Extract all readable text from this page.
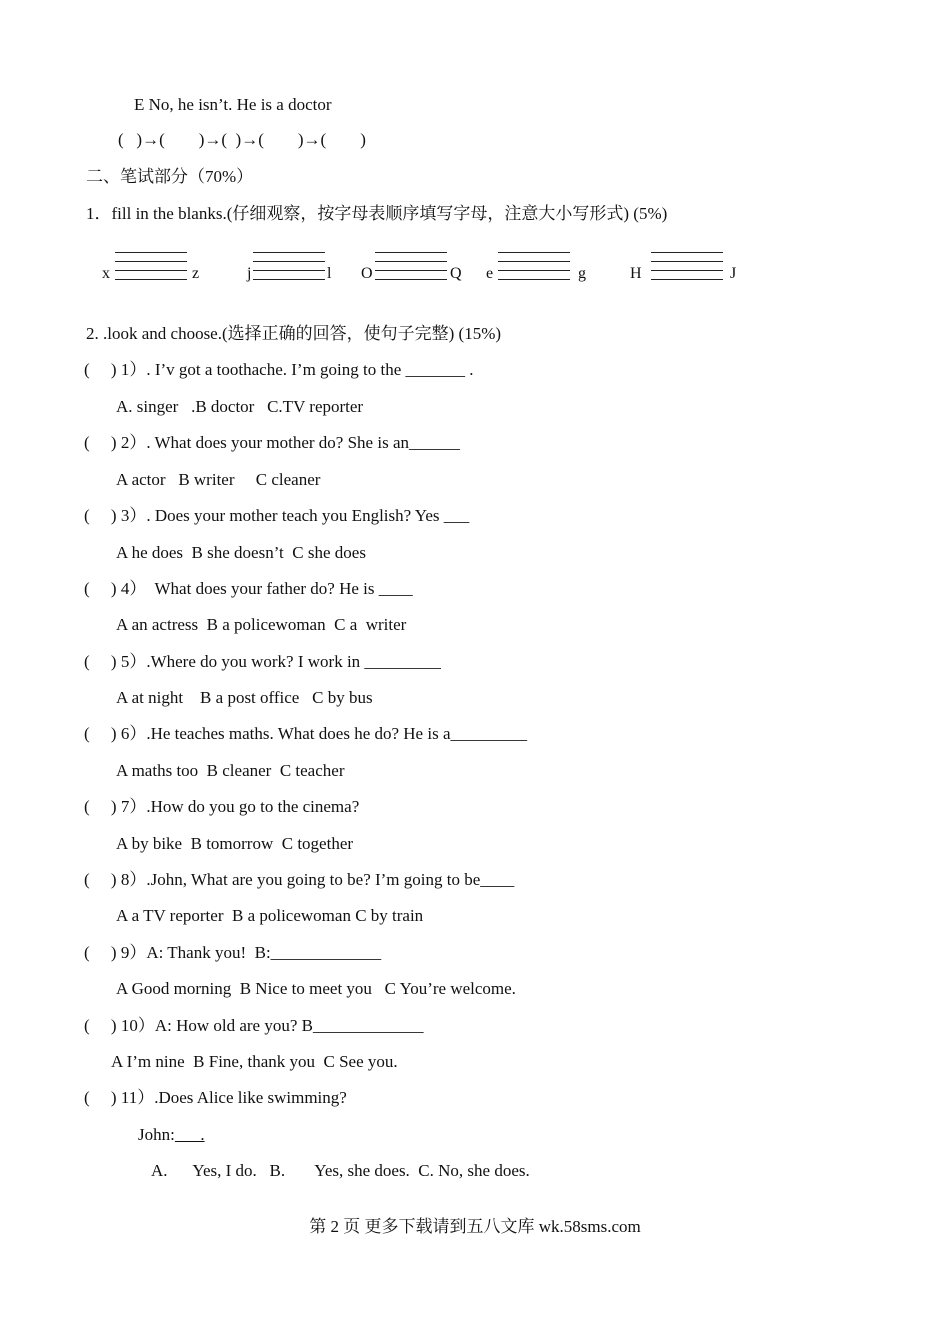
E No, he isn’t. He is a doctor
(   )→(        )→(  )→(        )→(        )
二、笔试部分（70%）
1．fill in the blanks.(仔细观察，按字母表顺序填写字母，注意大小写形式) (5%)
x	z	j	l O	Q e	g	H	J
2. .look and choose.(选择正确的回答，使句子完整) (15%)
(     ) 1）. I’v got a toothache. I’m going to the _______ .
A. singer   .B doctor   C.TV reporter
(     ) 2）. What does your mother do? She is an______
A actor   B writer     C cleaner
(     ) 3）. Does your mother teach you English? Yes ___
A he does  B she doesn’t  C she does
(     ) 4）  What does your father do? He is ____
A an actress  B a policewoman  C a  writer
(     ) 5）.Where do you work? I work in _________
A at night    B a post office   C by bus
(     ) 6）.He teaches maths. What does he do? He is a_________
A maths too  B cleaner  C teacher
(     ) 7）.How do you go to the cinema?
A by bike  B tomorrow  C together
(     ) 8）.John, What are you going to be? I’m going to be____
A a TV reporter  B a policewoman C by train
(     ) 9）A: Thank you!  B:_____________
A Good morning  B Nice to meet you   C You’re welcome.
(     ) 10）A: How old are you? B_____________
A I’m nine  B Fine, thank you  C See you.
(     ) 11）.Does Alice like swimming?
John:      .
A.      Yes, I do.   B.       Yes, she does.  C. No, she does.
第 2 页 更多下载请到五八文库 wk.58sms.com
